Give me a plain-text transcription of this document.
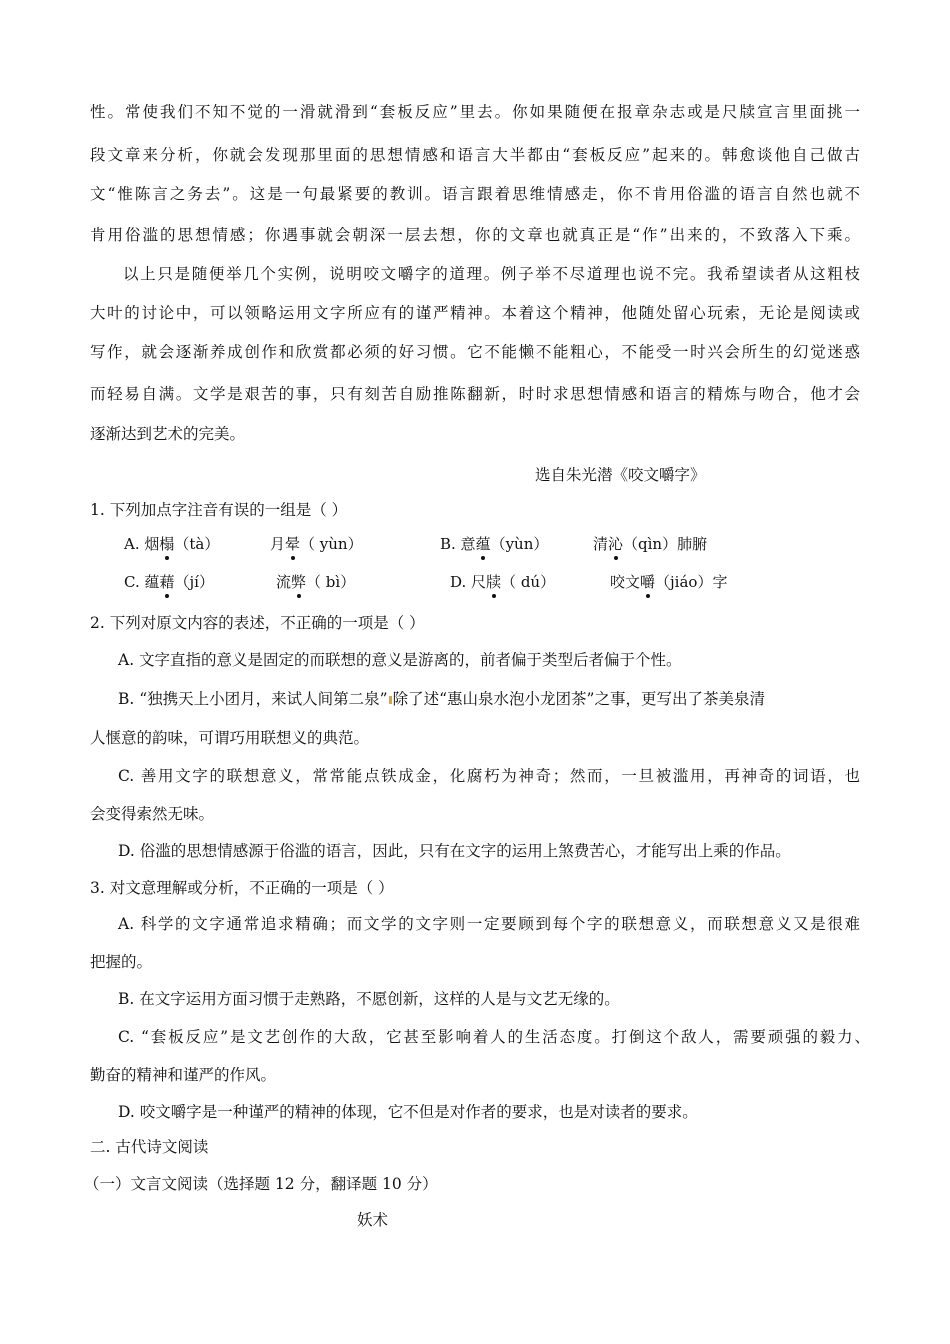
性。常使我们不知不觉的一滑就滑到“套板反应”里去。你如果随便在报章杂志或是尺牍宣言里面挑一
段文章来分析，你就会发现那里面的思想情感和语言大半都由“套板反应”起来的。韩愈谈他自己做古
文“惟陈言之务去”。这是一句最紧要的教训。语言跟着思维情感走，你不肯用俗滥的语言自然也就不
肯用俗滥的思想情感；你遇事就会朝深一层去想，你的文章也就真正是“作”出来的，不致落入下乘。
以上只是随便举几个实例，说明咬文嚼字的道理。例子举不尽道理也说不完。我希望读者从这粗枝
大叶的讨论中，可以领略运用文字所应有的谨严精神。本着这个精神，他随处留心玩索，无论是阅读或
写作，就会逐渐养成创作和欣赏都必须的好习惯。它不能懒不能粗心，不能受一时兴会所生的幻觉迷惑
而轻易自满。文学是艰苦的事，只有刻苦自励推陈翻新，时时求思想情感和语言的精炼与吻合，他才会
逐渐达到艺术的完美。
选自朱光潜《咬文嚼字》
1. 下列加点字注音有误的一组是（ ）
A. 烟榻（tà）	月晕（ yùn）	B. 意蕴（yùn）	清沁（qìn）肺腑
C. 蕴藉（jí）	流弊（ bì）	D. 尺牍（ dú）	咬文嚼（jiáo）字
2. 下列对原文内容的表述，不正确的一项是（ ）
A. 文字直指的意义是固定的而联想的意义是游离的，前者偏于类型后者偏于个性。
B. “独携天上小团月，来试人间第二泉” 除了述“惠山泉水泡小龙团茶”之事，更写出了茶美泉清
人惬意的韵味，可谓巧用联想义的典范。
C. 善用文字的联想意义，常常能点铁成金，化腐朽为神奇；然而，一旦被滥用，再神奇的词语，也
会变得索然无味。
D. 俗滥的思想情感源于俗滥的语言，因此，只有在文字的运用上煞费苦心，才能写出上乘的作品。
3. 对文意理解或分析，不正确的一项是（ ）
A. 科学的文字通常追求精确；而文学的文字则一定要顾到每个字的联想意义，而联想意义又是很难
把握的。
B. 在文字运用方面习惯于走熟路，不愿创新，这样的人是与文艺无缘的。
C. “套板反应”是文艺创作的大敌，它甚至影响着人的生活态度。打倒这个敌人，需要顽强的毅力、
勤奋的精神和谨严的作风。
D. 咬文嚼字是一种谨严的精神的体现，它不但是对作者的要求，也是对读者的要求。
二. 古代诗文阅读
（一）文言文阅读（选择题 12 分，翻译题 10 分）
妖术
